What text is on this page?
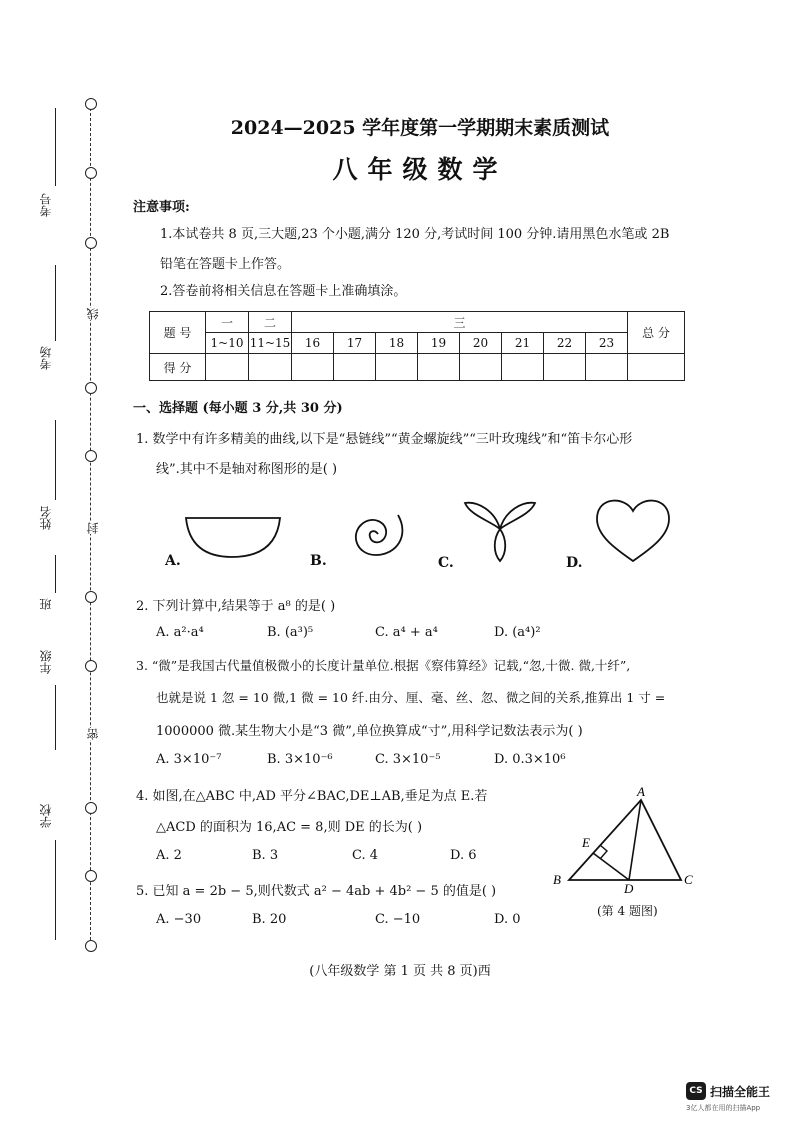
线
封
密
考号
考场
姓名
班
年级
学校
2024—2025 学年度第一学期期末素质测试
八年级数学
注意事项:
1.本试卷共 8 页,三大题,23 个小题,满分 120 分,考试时间 100 分钟.请用黑色水笔或 2B
铅笔在答题卡上作答。
2.答卷前将相关信息在答题卡上准确填涂。
题 号	一	二	三								总 分
	1~10	11~15	16	17	18	19	20	21	22	23	
得 分											
一、选择题 (每小题 3 分,共 30 分)
1. 数学中有许多精美的曲线,以下是“悬链线”“黄金螺旋线”“三叶玫瑰线”和“笛卡尔心形
线”.其中不是轴对称图形的是( )
A.	B.	C.	D.
2. 下列计算中,结果等于 a⁸ 的是( )
A. a²·a⁴	B. (a³)⁵	C. a⁴ + a⁴	D. (a⁴)²
3. “微”是我国古代量值极微小的长度计量单位.根据《察伟算经》记载,“忽,十微. 微,十纤”,
也就是说 1 忽 = 10 微,1 微 = 10 纤.由分、厘、毫、丝、忽、微之间的关系,推算出 1 寸 =
1000000 微.某生物大小是“3 微”,单位换算成“寸”,用科学记数法表示为( )
A. 3×10⁻⁷	B. 3×10⁻⁶	C. 3×10⁻⁵	D. 0.3×10⁶
4. 如图,在△ABC 中,AD 平分∠BAC,DE⊥AB,垂足为点 E.若
△ACD 的面积为 16,AC = 8,则 DE 的长为( )
A. 2	B. 3	C. 4	D. 6
A
B	C
D
E
(第 4 题图)
5. 已知 a = 2b − 5,则代数式 a² − 4ab + 4b² − 5 的值是( )
A. −30	B. 20	C. −10	D. 0
(八年级数学 第 1 页 共 8 页)西
CS 扫描全能王
3亿人都在用的扫描App
